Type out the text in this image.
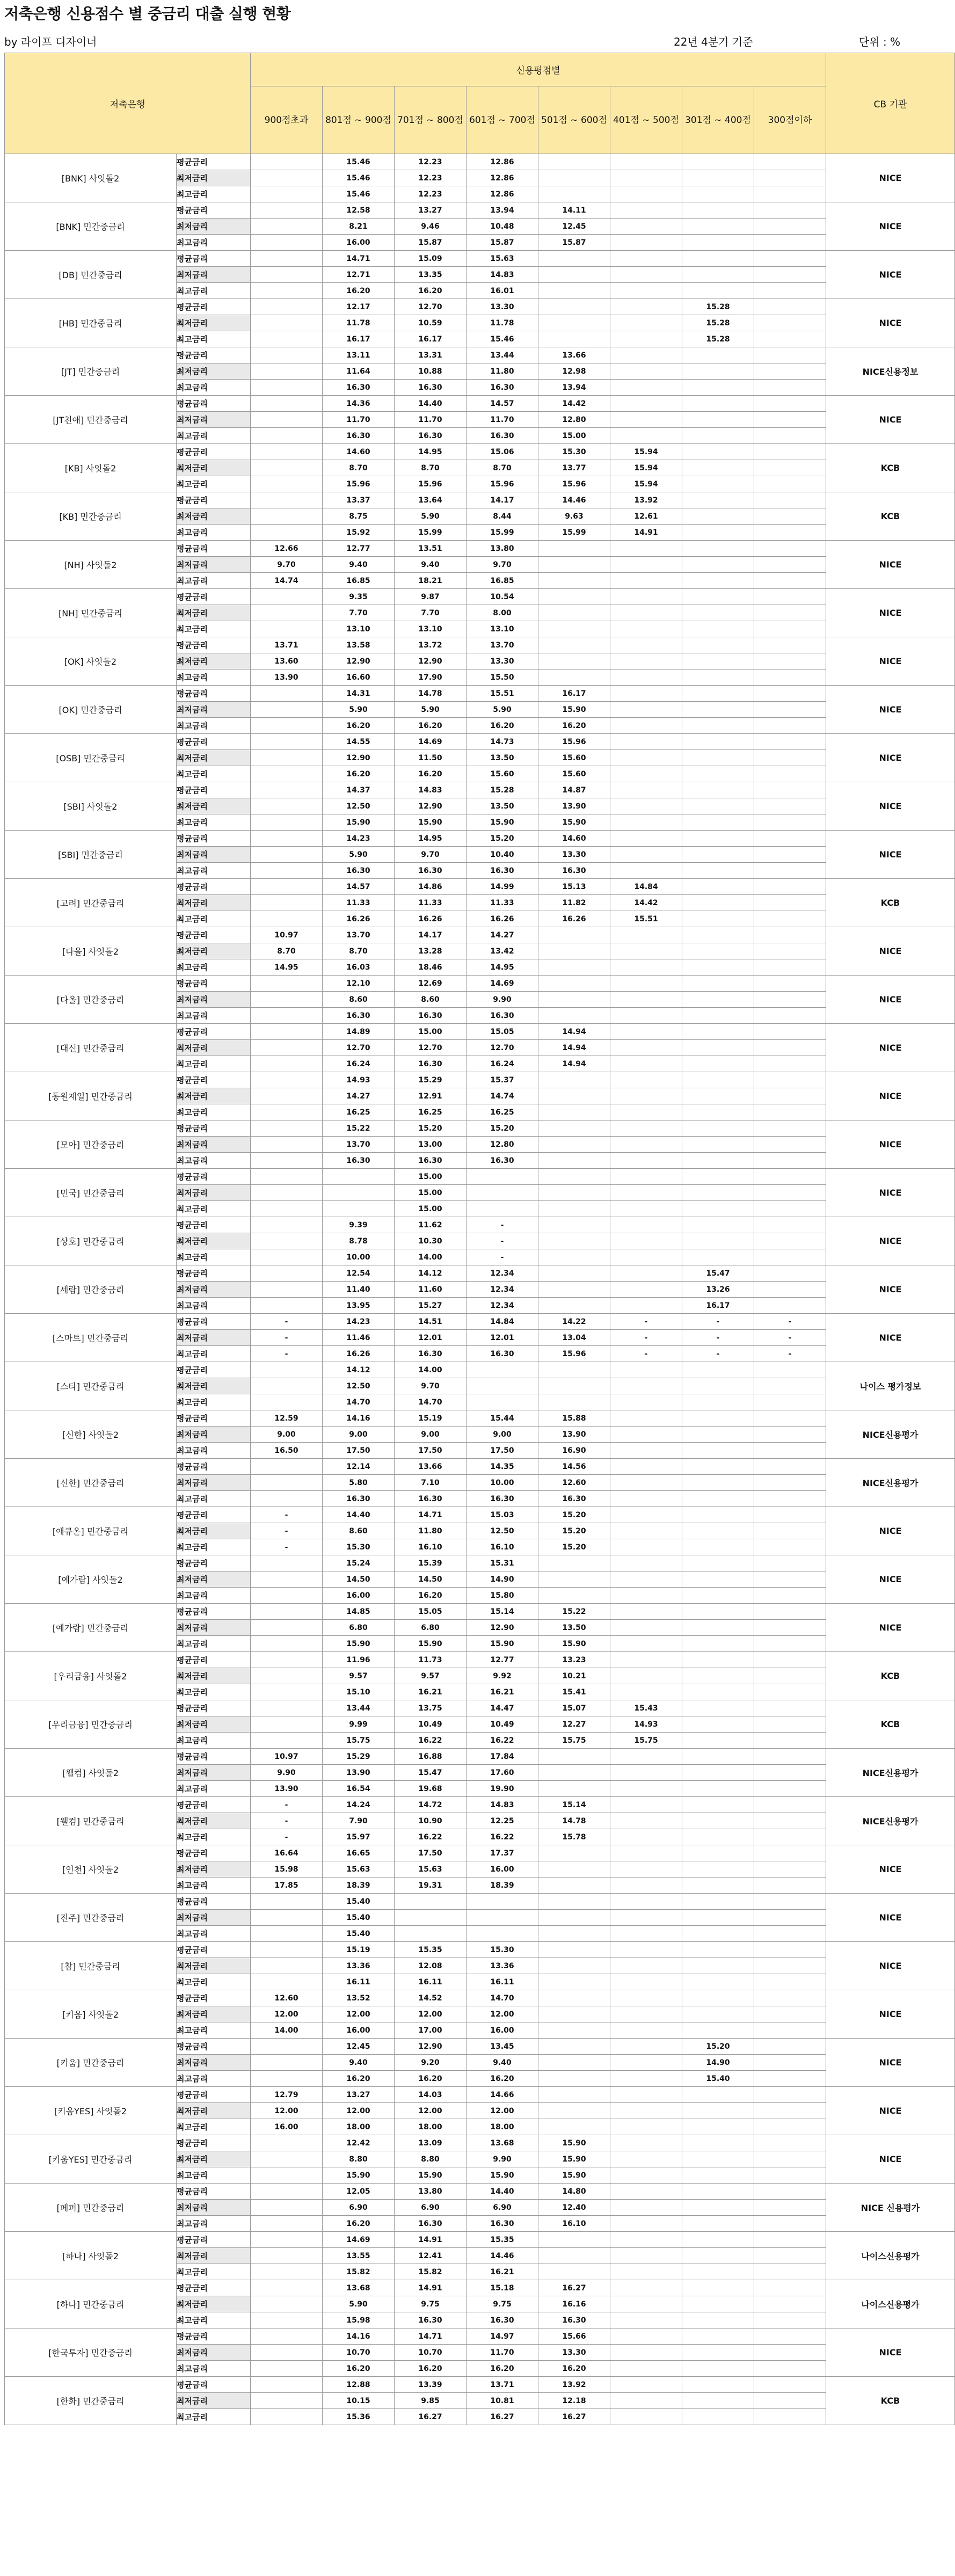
저축은행 신용점수 별 중금리 대출 실행 현황
by 라이프 디자이너	22년 4분기 기준	단위 : %
저축은행		신용평점별								CB 기관
		900점초과	801점 ~ 900점	701점 ~ 800점	601점 ~ 700점	501점 ~ 600점	401점 ~ 500점	301점 ~ 400점	300점이하	
[BNK] 사잇돌2	평균금리		15.46	12.23	12.86					NICE
	최저금리		15.46	12.23	12.86					
	최고금리		15.46	12.23	12.86					
[BNK] 민간중금리	평균금리		12.58	13.27	13.94	14.11				NICE
	최저금리		8.21	9.46	10.48	12.45				
	최고금리		16.00	15.87	15.87	15.87				
[DB] 민간중금리	평균금리		14.71	15.09	15.63					NICE
	최저금리		12.71	13.35	14.83					
	최고금리		16.20	16.20	16.01					
[HB] 민간중금리	평균금리		12.17	12.70	13.30			15.28		NICE
	최저금리		11.78	10.59	11.78			15.28		
	최고금리		16.17	16.17	15.46			15.28		
[JT] 민간중금리	평균금리		13.11	13.31	13.44	13.66				NICE신용정보
	최저금리		11.64	10.88	11.80	12.98				
	최고금리		16.30	16.30	16.30	13.94				
[JT친애] 민간중금리	평균금리		14.36	14.40	14.57	14.42				NICE
	최저금리		11.70	11.70	11.70	12.80				
	최고금리		16.30	16.30	16.30	15.00				
[KB] 사잇돌2	평균금리		14.60	14.95	15.06	15.30	15.94			KCB
	최저금리		8.70	8.70	8.70	13.77	15.94			
	최고금리		15.96	15.96	15.96	15.96	15.94			
[KB] 민간중금리	평균금리		13.37	13.64	14.17	14.46	13.92			KCB
	최저금리		8.75	5.90	8.44	9.63	12.61			
	최고금리		15.92	15.99	15.99	15.99	14.91			
[NH] 사잇돌2	평균금리	12.66	12.77	13.51	13.80					NICE
	최저금리	9.70	9.40	9.40	9.70					
	최고금리	14.74	16.85	18.21	16.85					
[NH] 민간중금리	평균금리		9.35	9.87	10.54					NICE
	최저금리		7.70	7.70	8.00					
	최고금리		13.10	13.10	13.10					
[OK] 사잇돌2	평균금리	13.71	13.58	13.72	13.70					NICE
	최저금리	13.60	12.90	12.90	13.30					
	최고금리	13.90	16.60	17.90	15.50					
[OK] 민간중금리	평균금리		14.31	14.78	15.51	16.17				NICE
	최저금리		5.90	5.90	5.90	15.90				
	최고금리		16.20	16.20	16.20	16.20				
[OSB] 민간중금리	평균금리		14.55	14.69	14.73	15.96				NICE
	최저금리		12.90	11.50	13.50	15.60				
	최고금리		16.20	16.20	15.60	15.60				
[SBI] 사잇돌2	평균금리		14.37	14.83	15.28	14.87				NICE
	최저금리		12.50	12.90	13.50	13.90				
	최고금리		15.90	15.90	15.90	15.90				
[SBI] 민간중금리	평균금리		14.23	14.95	15.20	14.60				NICE
	최저금리		5.90	9.70	10.40	13.30				
	최고금리		16.30	16.30	16.30	16.30				
[고려] 민간중금리	평균금리		14.57	14.86	14.99	15.13	14.84			KCB
	최저금리		11.33	11.33	11.33	11.82	14.42			
	최고금리		16.26	16.26	16.26	16.26	15.51			
[다올] 사잇돌2	평균금리	10.97	13.70	14.17	14.27					NICE
	최저금리	8.70	8.70	13.28	13.42					
	최고금리	14.95	16.03	18.46	14.95					
[다올] 민간중금리	평균금리		12.10	12.69	14.69					NICE
	최저금리		8.60	8.60	9.90					
	최고금리		16.30	16.30	16.30					
[대신] 민간중금리	평균금리		14.89	15.00	15.05	14.94				NICE
	최저금리		12.70	12.70	12.70	14.94				
	최고금리		16.24	16.30	16.24	14.94				
[동원제일] 민간중금리	평균금리		14.93	15.29	15.37					NICE
	최저금리		14.27	12.91	14.74					
	최고금리		16.25	16.25	16.25					
[모아] 민간중금리	평균금리		15.22	15.20	15.20					NICE
	최저금리		13.70	13.00	12.80					
	최고금리		16.30	16.30	16.30					
[민국] 민간중금리	평균금리			15.00						NICE
	최저금리			15.00						
	최고금리			15.00						
[상호] 민간중금리	평균금리		9.39	11.62	-					NICE
	최저금리		8.78	10.30	-					
	최고금리		10.00	14.00	-					
[세람] 민간중금리	평균금리		12.54	14.12	12.34			15.47		NICE
	최저금리		11.40	11.60	12.34			13.26		
	최고금리		13.95	15.27	12.34			16.17		
[스마트] 민간중금리	평균금리	-	14.23	14.51	14.84	14.22	-	-	-	NICE
	최저금리	-	11.46	12.01	12.01	13.04	-	-	-	
	최고금리	-	16.26	16.30	16.30	15.96	-	-	-	
[스타] 민간중금리	평균금리		14.12	14.00						나이스 평가정보
	최저금리		12.50	9.70						
	최고금리		14.70	14.70						
[신한] 사잇돌2	평균금리	12.59	14.16	15.19	15.44	15.88				NICE신용평가
	최저금리	9.00	9.00	9.00	9.00	13.90				
	최고금리	16.50	17.50	17.50	17.50	16.90				
[신한] 민간중금리	평균금리		12.14	13.66	14.35	14.56				NICE신용평가
	최저금리		5.80	7.10	10.00	12.60				
	최고금리		16.30	16.30	16.30	16.30				
[애큐온] 민간중금리	평균금리	-	14.40	14.71	15.03	15.20				NICE
	최저금리	-	8.60	11.80	12.50	15.20				
	최고금리	-	15.30	16.10	16.10	15.20				
[예가람] 사잇돌2	평균금리		15.24	15.39	15.31					NICE
	최저금리		14.50	14.50	14.90					
	최고금리		16.00	16.20	15.80					
[예가람] 민간중금리	평균금리		14.85	15.05	15.14	15.22				NICE
	최저금리		6.80	6.80	12.90	13.50				
	최고금리		15.90	15.90	15.90	15.90				
[우리금융] 사잇돌2	평균금리		11.96	11.73	12.77	13.23				KCB
	최저금리		9.57	9.57	9.92	10.21				
	최고금리		15.10	16.21	16.21	15.41				
[우리금융] 민간중금리	평균금리		13.44	13.75	14.47	15.07	15.43			KCB
	최저금리		9.99	10.49	10.49	12.27	14.93			
	최고금리		15.75	16.22	16.22	15.75	15.75			
[웰컴] 사잇돌2	평균금리	10.97	15.29	16.88	17.84					NICE신용평가
	최저금리	9.90	13.90	15.47	17.60					
	최고금리	13.90	16.54	19.68	19.90					
[웰컴] 민간중금리	평균금리	-	14.24	14.72	14.83	15.14				NICE신용평가
	최저금리	-	7.90	10.90	12.25	14.78				
	최고금리	-	15.97	16.22	16.22	15.78				
[인천] 사잇돌2	평균금리	16.64	16.65	17.50	17.37					NICE
	최저금리	15.98	15.63	15.63	16.00					
	최고금리	17.85	18.39	19.31	18.39					
[진주] 민간중금리	평균금리		15.40							NICE
	최저금리		15.40							
	최고금리		15.40							
[참] 민간중금리	평균금리		15.19	15.35	15.30					NICE
	최저금리		13.36	12.08	13.36					
	최고금리		16.11	16.11	16.11					
[키움] 사잇돌2	평균금리	12.60	13.52	14.52	14.70					NICE
	최저금리	12.00	12.00	12.00	12.00					
	최고금리	14.00	16.00	17.00	16.00					
[키움] 민간중금리	평균금리		12.45	12.90	13.45			15.20		NICE
	최저금리		9.40	9.20	9.40			14.90		
	최고금리		16.20	16.20	16.20			15.40		
[키움YES] 사잇돌2	평균금리	12.79	13.27	14.03	14.66					NICE
	최저금리	12.00	12.00	12.00	12.00					
	최고금리	16.00	18.00	18.00	18.00					
[키움YES] 민간중금리	평균금리		12.42	13.09	13.68	15.90				NICE
	최저금리		8.80	8.80	9.90	15.90				
	최고금리		15.90	15.90	15.90	15.90				
[페퍼] 민간중금리	평균금리		12.05	13.80	14.40	14.80				NICE 신용평가
	최저금리		6.90	6.90	6.90	12.40				
	최고금리		16.20	16.30	16.30	16.10				
[하나] 사잇돌2	평균금리		14.69	14.91	15.35					나이스신용평가
	최저금리		13.55	12.41	14.46					
	최고금리		15.82	15.82	16.21					
[하나] 민간중금리	평균금리		13.68	14.91	15.18	16.27				나이스신용평가
	최저금리		5.90	9.75	9.75	16.16				
	최고금리		15.98	16.30	16.30	16.30				
[한국투자] 민간중금리	평균금리		14.16	14.71	14.97	15.66				NICE
	최저금리		10.70	10.70	11.70	13.30				
	최고금리		16.20	16.20	16.20	16.20				
[한화] 민간중금리	평균금리		12.88	13.39	13.71	13.92				KCB
	최저금리		10.15	9.85	10.81	12.18				
	최고금리		15.36	16.27	16.27	16.27				
